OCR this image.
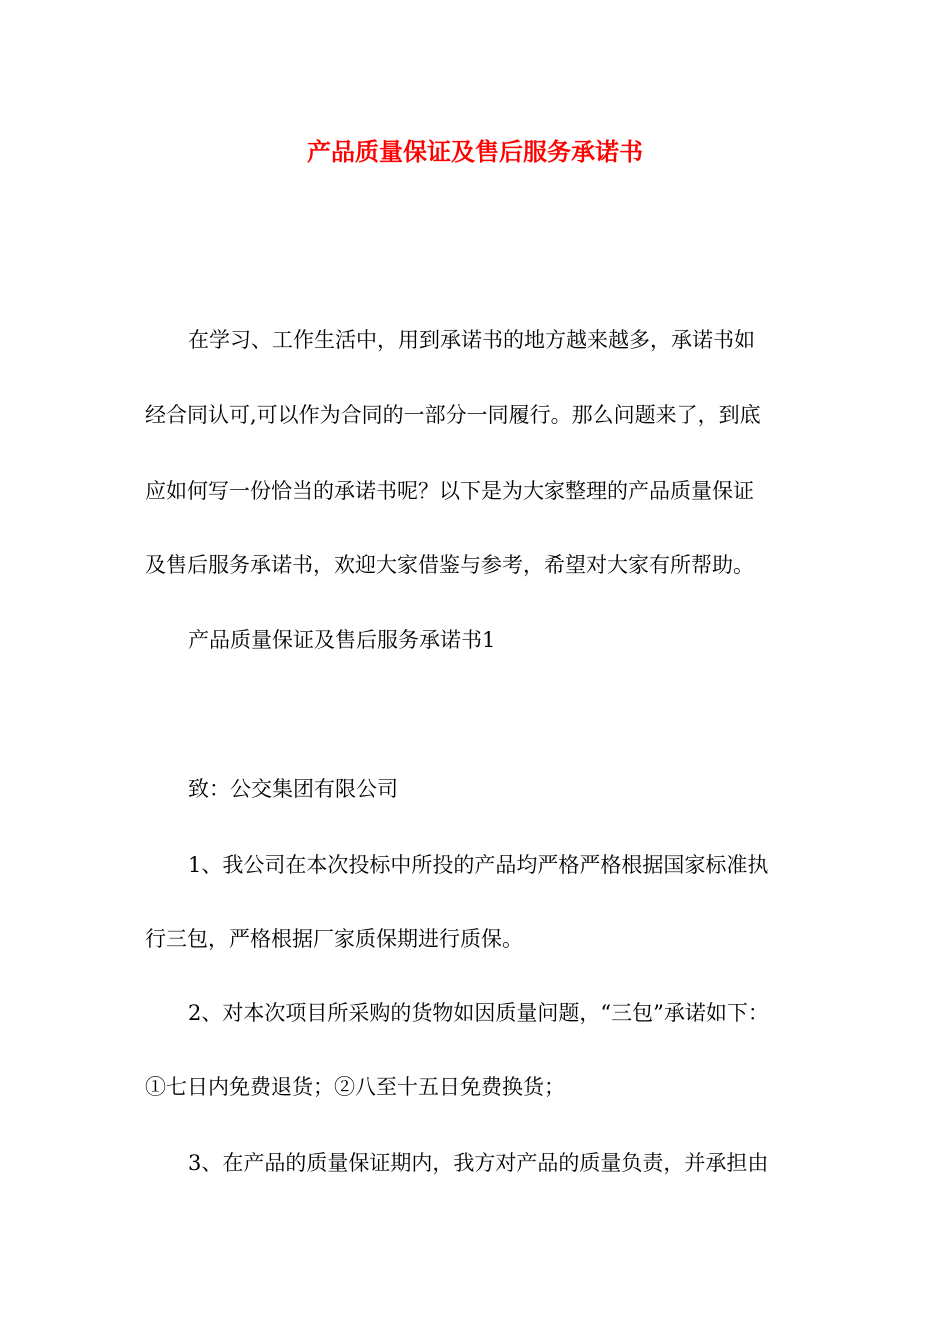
产品质量保证及售后服务承诺书
在学习、工作生活中，用到承诺书的地方越来越多，承诺书如
经合同认可,可以作为合同的一部分一同履行。那么问题来了，到底
应如何写一份恰当的承诺书呢？以下是为大家整理的产品质量保证
及售后服务承诺书，欢迎大家借鉴与参考，希望对大家有所帮助。
产品质量保证及售后服务承诺书1
致：公交集团有限公司
1、我公司在本次投标中所投的产品均严格严格根据国家标准执
行三包，严格根据厂家质保期进行质保。
2、对本次项目所采购的货物如因质量问题，“三包”承诺如下：
①七日内免费退货；②八至十五日免费换货；
3、在产品的质量保证期内，我方对产品的质量负责，并承担由
